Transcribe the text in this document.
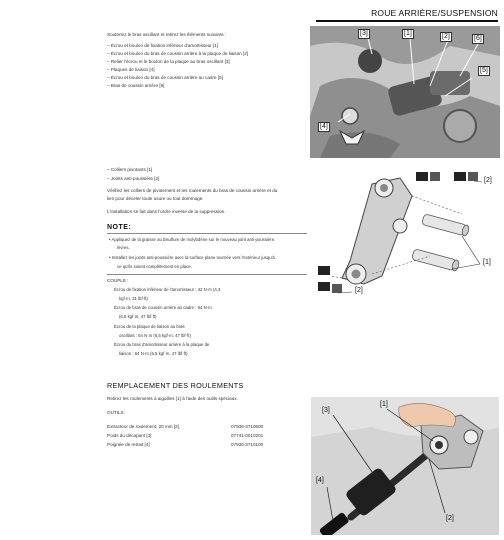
ROUE ARRIÈRE/SUSPENSION
Soutenez le bras oscillant et retirez les éléments suivants :
– Écrou et boulon de fixation inférieur d'amortisseur [1]
– Écrou et boulon du bras de coussin arrière à la plaque de liaison [2]
– Relier l'écrou et le boulon de la plaque au bras oscillant [3]
– Plaques de liaison [4]
– Écrou et boulon du bras de coussin arrière au cadre [5]
– Bras de coussin arrière [6]
[3]	[1]	[2]	[6]
[5]
[4]
– Colliers pivotants [1]
– Joints anti-poussière [2]
Vérifiez les colliers de pivotement et les roulements du bras de coussin arrière et du
lien pour déceler toute usure ou tout dommage.
L'installation se fait dans l'ordre inverse de la suppression.
NOTE:
• Appliquez de la graisse au bisulfure de molybdène sur le nouveau joint anti-poussière.
lèvres.
• Installez les joints anti-poussière avec la surface plane tournée vers l'extérieur jusqu'à
ce qu'ils soient complètement en place.
COUPLE :
Écrou de fixation inférieur de l'amortisseur : 42 N·m (4,3
kgf·m, 31 lbf·ft)
Écrou de bras de coussin arrière au cadre : 64 N·m
(6,5 kgf·m, 47 lbf·ft)
Écrou de la plaque de liaison au bras
oscillant : 64 N·m (6,5 kgf·m, 47 lbf·ft)
Écrou du bras d'amortisseur arrière à la plaque de
liaison : 64 N·m (6,5 kgf·m, 47 lbf·ft)
[2]
[1]
[2]
REMPLACEMENT DES ROULEMENTS
Retirez les roulements à aiguilles [1] à l'aide des outils spéciaux.
OUTILS:
Extracteur de roulement, 20 mm [2]	07936-3710600
Poids du décapant [3]	07741-0010201
Poignée de retrait [4]	07936-3710100
[3]
[1]
[4]
[2]
